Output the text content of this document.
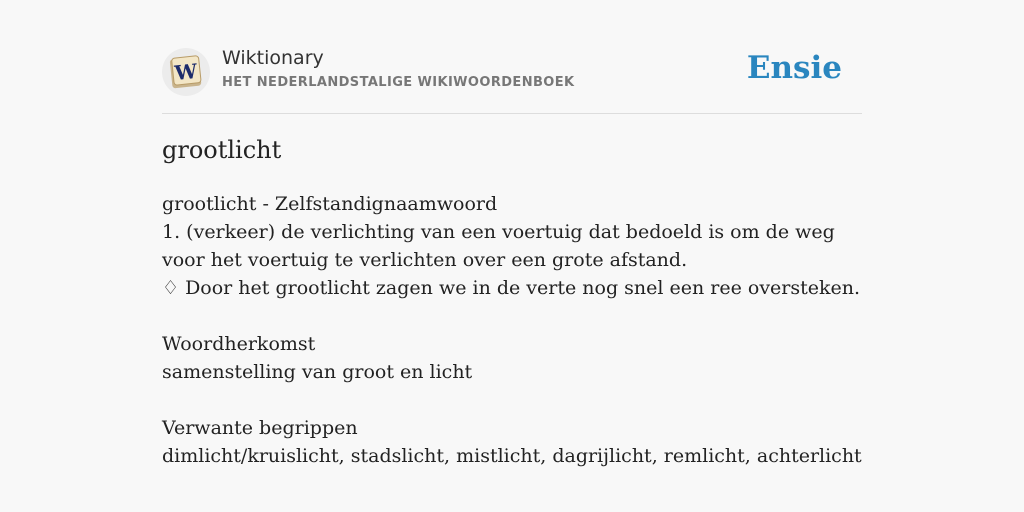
W
Wiktionary
HET NEDERLANDSTALIGE WIKIWOORDENBOEK	Ensie
grootlicht
grootlicht - Zelfstandignaamwoord
1. (verkeer) de verlichting van een voertuig dat bedoeld is om de weg voor het voertuig te verlichten over een grote afstand.
♢ Door het grootlicht zagen we in de verte nog snel een ree oversteken.
Woordherkomst
samenstelling van groot en licht
Verwante begrippen
dimlicht/kruislicht, stadslicht, mistlicht, dagrijlicht, remlicht, achterlicht
